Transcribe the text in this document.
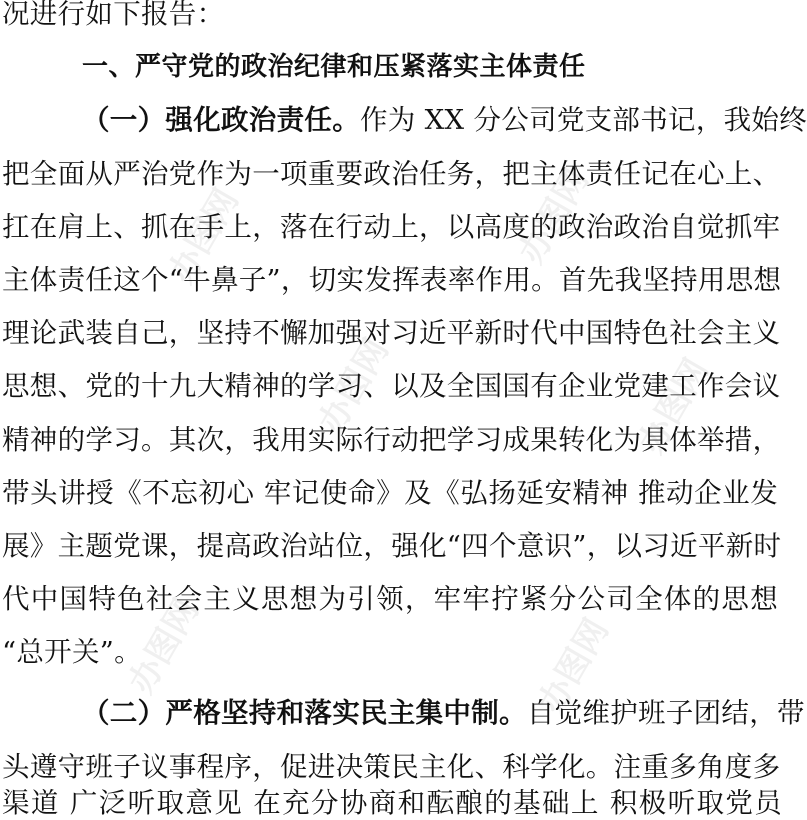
办图网	办图网
办图网	办图网
办图网	办图网
况进行如下报告：
一、严守党的政治纪律和压紧落实主体责任
（一）强化政治责任。作为 XX 分公司党支部书记，我始终
把全面从严治党作为一项重要政治任务，把主体责任记在心上、
扛在肩上、抓在手上，落在行动上，以高度的政治政治自觉抓牢
主体责任这个“牛鼻子”，切实发挥表率作用。首先我坚持用思想
理论武装自己，坚持不懈加强对习近平新时代中国特色社会主义
思想、党的十九大精神的学习、以及全国国有企业党建工作会议
精神的学习。其次，我用实际行动把学习成果转化为具体举措，
带头讲授《不忘初心 牢记使命》及《弘扬延安精神 推动企业发
展》主题党课，提高政治站位，强化“四个意识”，以习近平新时
代中国特色社会主义思想为引领，牢牢拧紧分公司全体的思想
“总开关”。
（二）严格坚持和落实民主集中制。自觉维护班子团结，带
头遵守班子议事程序，促进决策民主化、科学化。注重多角度多
渠道 广泛听取意见 在充分协商和酝酿的基础上 积极听取党员
